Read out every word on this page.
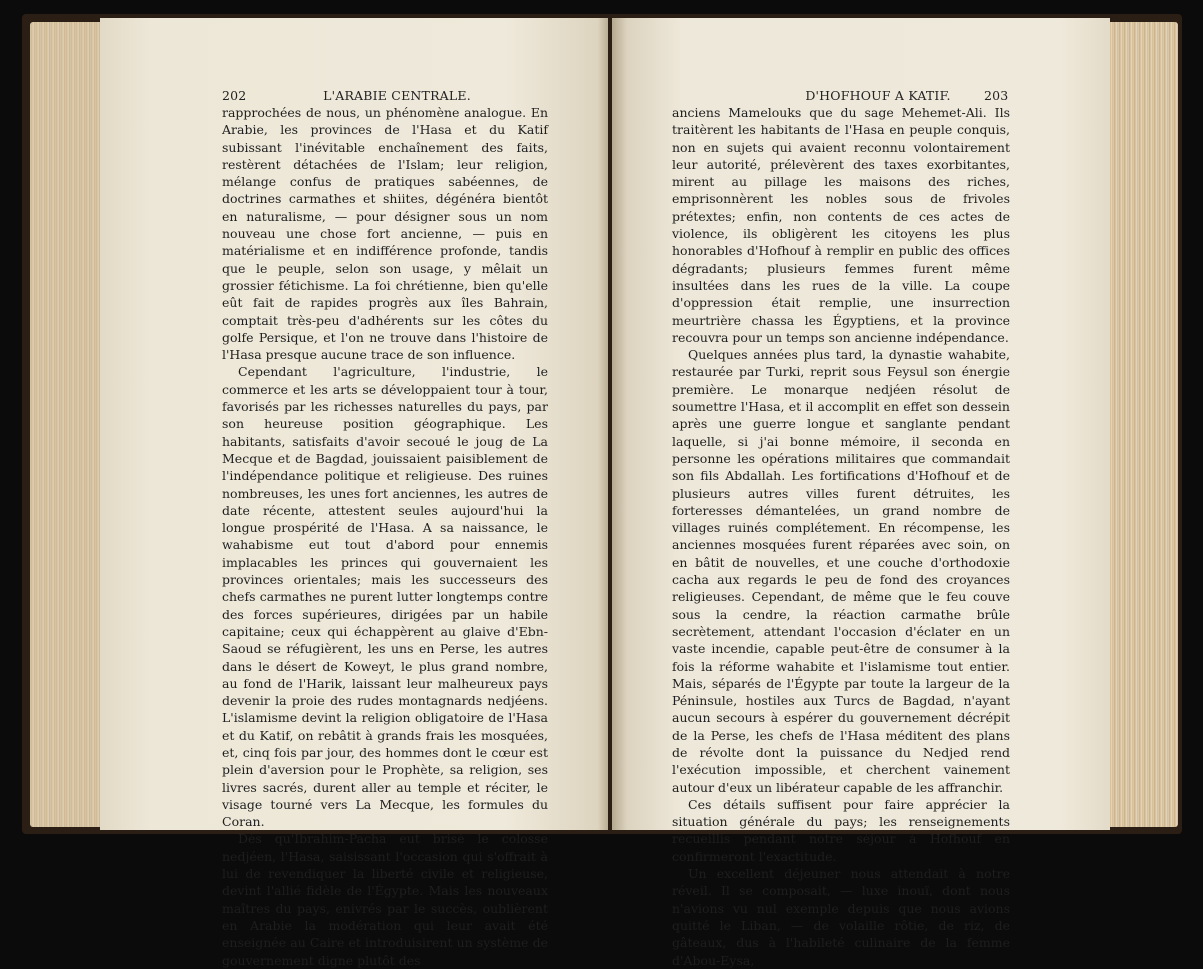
202	L'ARABIE CENTRALE.

rapprochées de nous, un phénomène analogue. En Arabie, les provinces de l'Hasa et du Katif subissant l'inévitable enchaînement des faits, restèrent détachées de l'Islam; leur religion, mélange confus de pratiques sabéennes, de doctrines carmathes et shiites, dégénéra bientôt en naturalisme, — pour désigner sous un nom nouveau une chose fort ancienne, — puis en matérialisme et en indifférence profonde, tandis que le peuple, selon son usage, y mêlait un grossier fétichisme. La foi chrétienne, bien qu'elle eût fait de rapides progrès aux îles Bahrain, comptait très-peu d'adhérents sur les côtes du golfe Persique, et l'on ne trouve dans l'histoire de l'Hasa presque aucune trace de son influence.

Cependant l'agriculture, l'industrie, le commerce et les arts se développaient tour à tour, favorisés par les richesses naturelles du pays, par son heureuse position géographique. Les habitants, satisfaits d'avoir secoué le joug de La Mecque et de Bagdad, jouissaient paisiblement de l'indépendance politique et religieuse. Des ruines nombreuses, les unes fort anciennes, les autres de date récente, attestent seules aujourd'hui la longue prospérité de l'Hasa. A sa naissance, le wahabisme eut tout d'abord pour ennemis implacables les princes qui gouvernaient les provinces orientales; mais les successeurs des chefs carmathes ne purent lutter longtemps contre des forces supérieures, dirigées par un habile capitaine; ceux qui échappèrent au glaive d'Ebn-Saoud se réfugièrent, les uns en Perse, les autres dans le désert de Koweyt, le plus grand nombre, au fond de l'Harik, laissant leur malheureux pays devenir la proie des rudes montagnards nedjéens. L'islamisme devint la religion obligatoire de l'Hasa et du Katif, on rebâtit à grands frais les mosquées, et, cinq fois par jour, des hommes dont le cœur est plein d'aversion pour le Prophète, sa religion, ses livres sacrés, durent aller au temple et réciter, le visage tourné vers La Mecque, les formules du Coran.

Dès qu'Ibrahim-Pacha eut brisé le colosse nedjéen, l'Hasa, saisissant l'occasion qui s'offrait à lui de revendiquer la liberté civile et religieuse, devint l'allié fidèle de l'Égypte. Mais les nouveaux maîtres du pays, enivrés par le succès, oublièrent en Arabie la modération qui leur avait été enseignée au Caire et introduisirent un système de gouvernement digne plutôt des

D'HOFHOUF A KATIF.	203

anciens Mamelouks que du sage Mehemet-Ali. Ils traitèrent les habitants de l'Hasa en peuple conquis, non en sujets qui avaient reconnu volontairement leur autorité, prélevèrent des taxes exorbitantes, mirent au pillage les maisons des riches, emprisonnèrent les nobles sous de frivoles prétextes; enfin, non contents de ces actes de violence, ils obligèrent les citoyens les plus honorables d'Hofhouf à remplir en public des offices dégradants; plusieurs femmes furent même insultées dans les rues de la ville. La coupe d'oppression était remplie, une insurrection meurtrière chassa les Égyptiens, et la province recouvra pour un temps son ancienne indépendance.

Quelques années plus tard, la dynastie wahabite, restaurée par Turki, reprit sous Feysul son énergie première. Le monarque nedjéen résolut de soumettre l'Hasa, et il accomplit en effet son dessein après une guerre longue et sanglante pendant laquelle, si j'ai bonne mémoire, il seconda en personne les opérations militaires que commandait son fils Abdallah. Les fortifications d'Hofhouf et de plusieurs autres villes furent détruites, les forteresses démantelées, un grand nombre de villages ruinés complétement. En récompense, les anciennes mosquées furent réparées avec soin, on en bâtit de nouvelles, et une couche d'orthodoxie cacha aux regards le peu de fond des croyances religieuses. Cependant, de même que le feu couve sous la cendre, la réaction carmathe brûle secrètement, attendant l'occasion d'éclater en un vaste incendie, capable peut-être de consumer à la fois la réforme wahabite et l'islamisme tout entier. Mais, séparés de l'Égypte par toute la largeur de la Péninsule, hostiles aux Turcs de Bagdad, n'ayant aucun secours à espérer du gouvernement décrépit de la Perse, les chefs de l'Hasa méditent des plans de révolte dont la puissance du Nedjed rend l'exécution impossible, et cherchent vainement autour d'eux un libérateur capable de les affranchir.

Ces détails suffisent pour faire apprécier la situation générale du pays; les renseignements recueillis pendant notre séjour à Hofhouf en confirmeront l'exactitude.

Un excellent déjeuner nous attendait à notre réveil. Il se composait, — luxe inouï, dont nous n'avions vu nul exemple depuis que nous avions quitté le Liban, — de volaille rôtie, de riz, de gâteaux, dus à l'habileté culinaire de la femme d'Abou-Eysa,
